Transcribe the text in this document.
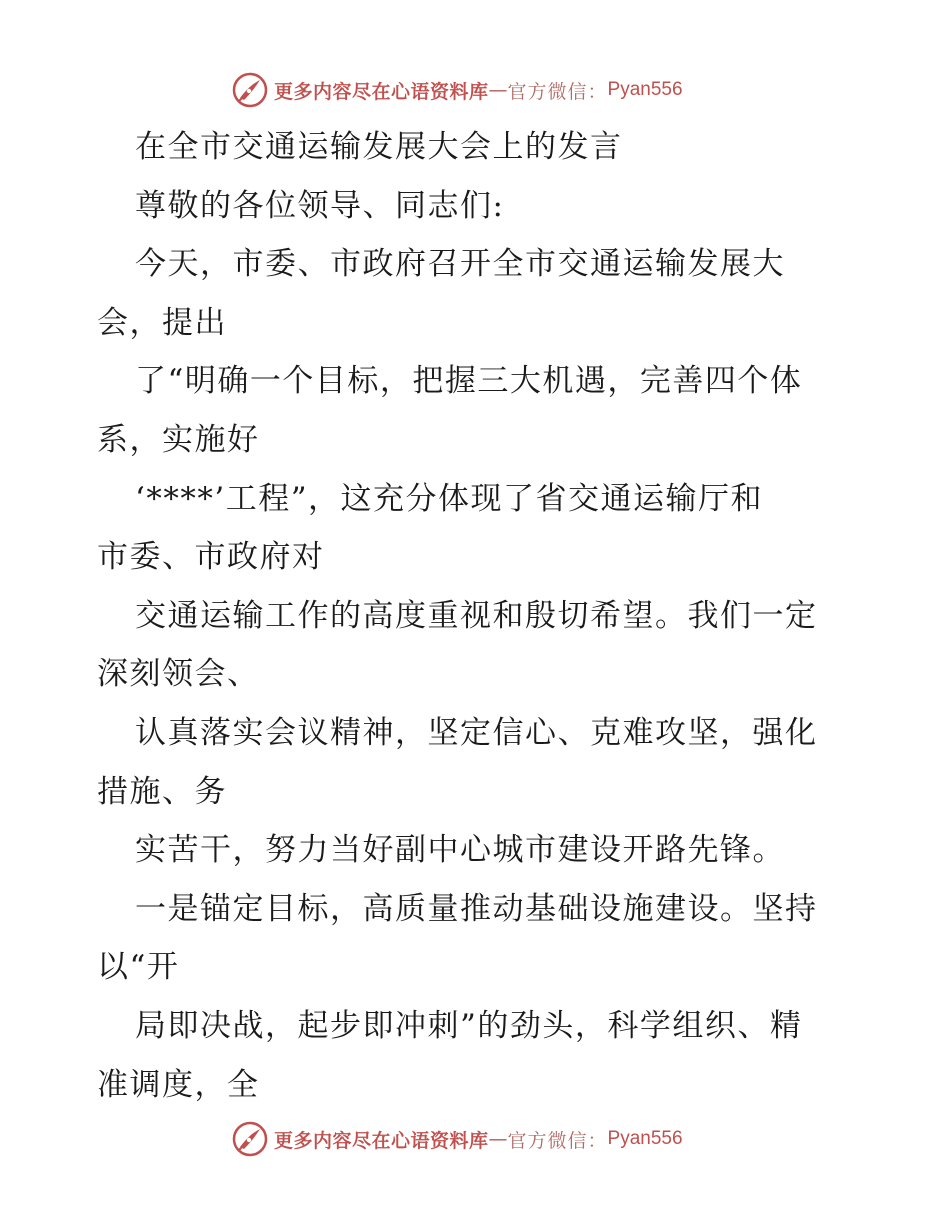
更多内容尽在心语资料库 — 官方微信： Pyan556
在全市交通运输发展大会上的发言
尊敬的各位领导、同志们:
今天，市委、市政府召开全市交通运输发展大
会，提出
了“明确一个目标，把握三大机遇，完善四个体
系，实施好
‘****’工程”，这充分体现了省交通运输厅和
市委、市政府对
交通运输工作的高度重视和殷切希望。我们一定
深刻领会、
认真落实会议精神，坚定信心、克难攻坚，强化
措施、务
实苦干，努力当好副中心城市建设开路先锋。
一是锚定目标，高质量推动基础设施建设。坚持
以“开
局即决战，起步即冲刺”的劲头，科学组织、精
准调度，全
更多内容尽在心语资料库 — 官方微信： Pyan556
